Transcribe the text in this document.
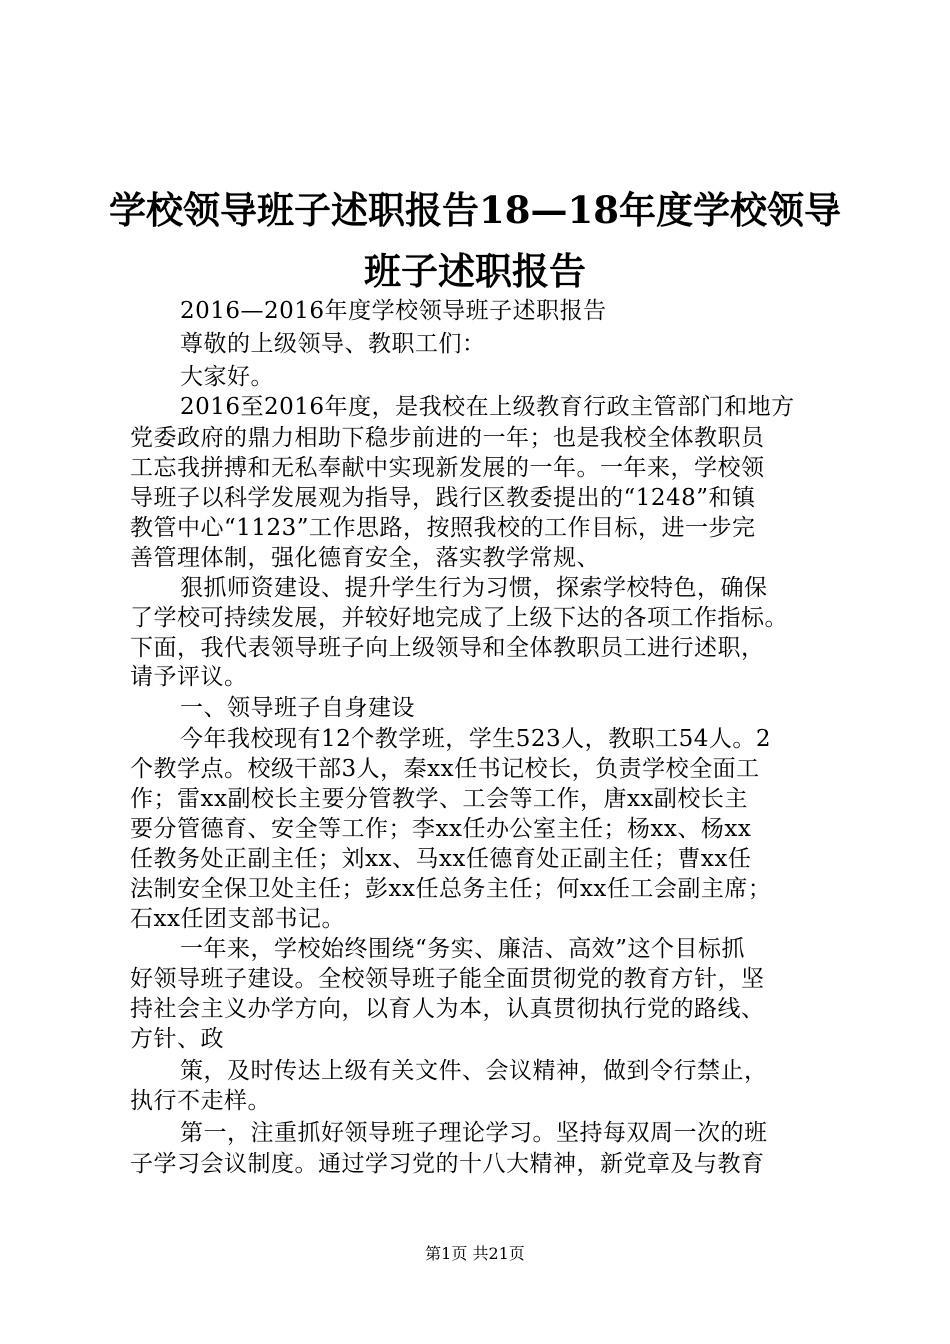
学校领导班子述职报告18—18年度学校领导
班子述职报告
2016—2016年度学校领导班子述职报告
尊敬的上级领导、教职工们：
大家好。
2016至2016年度，是我校在上级教育行政主管部门和地方
党委政府的鼎力相助下稳步前进的一年；也是我校全体教职员
工忘我拼搏和无私奉献中实现新发展的一年。一年来，学校领
导班子以科学发展观为指导，践行区教委提出的“1248”和镇
教管中心“1123”工作思路，按照我校的工作目标，进一步完
善管理体制，强化德育安全，落实教学常规、
狠抓师资建设、提升学生行为习惯，探索学校特色，确保
了学校可持续发展，并较好地完成了上级下达的各项工作指标。
下面，我代表领导班子向上级领导和全体教职员工进行述职，
请予评议。
一、领导班子自身建设
今年我校现有12个教学班，学生523人，教职工54人。2
个教学点。校级干部3人，秦xx任书记校长，负责学校全面工
作；雷xx副校长主要分管教学、工会等工作，唐xx副校长主
要分管德育、安全等工作；李xx任办公室主任；杨xx、杨xx
任教务处正副主任；刘xx、马xx任德育处正副主任；曹xx任
法制安全保卫处主任；彭xx任总务主任；何xx任工会副主席；
石xx任团支部书记。
一年来，学校始终围绕“务实、廉洁、高效”这个目标抓
好领导班子建设。全校领导班子能全面贯彻党的教育方针，坚
持社会主义办学方向，以育人为本，认真贯彻执行党的路线、
方针、政
策，及时传达上级有关文件、会议精神，做到令行禁止，
执行不走样。
第一，注重抓好领导班子理论学习。坚持每双周一次的班
子学习会议制度。通过学习党的十八大精神，新党章及与教育
第1页 共21页
